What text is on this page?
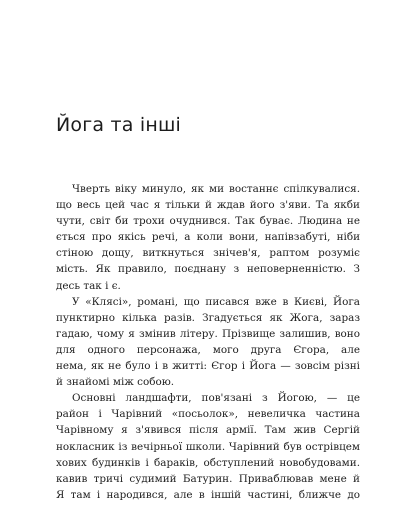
Йога та інші
Чверть віку минуло, як ми востаннє спілкувалися.
що весь цей час я тільки й ждав його з'яви. Та якби
чути, світ би трохи очуднився. Так буває. Людина не
ється про якісь речі, а коли вони, напівзабуті, ніби
стіною дощу, виткнуться знічев'я, раптом розуміє
мість. Як правило, поєднану з неповерненністю. З
десь так і є.
У «Клясі», романі, що писався вже в Києві, Йога
пунктирно кілька разів. Згадується як Жога, зараз
гадаю, чому я змінив літеру. Прізвище залишив, воно
для одного персонажа, мого друга Єгора, але
нема, як не було і в житті: Єгор і Йога — зовсім різні
й знайомі між собою.
Основні ландшафти, пов'язані з Йогою, — це
район і Чарівний «посьолок», невеличка частина
Чарівному я з'явився після армії. Там жив Сергій
нокласник із вечірньої школи. Чарівний був острівцем
хових будинків і бараків, обступлений новобудовами.
кавив тричі судимий Батурин. Приваблював мене й
Я там і народився, але в іншій частині, ближче до
